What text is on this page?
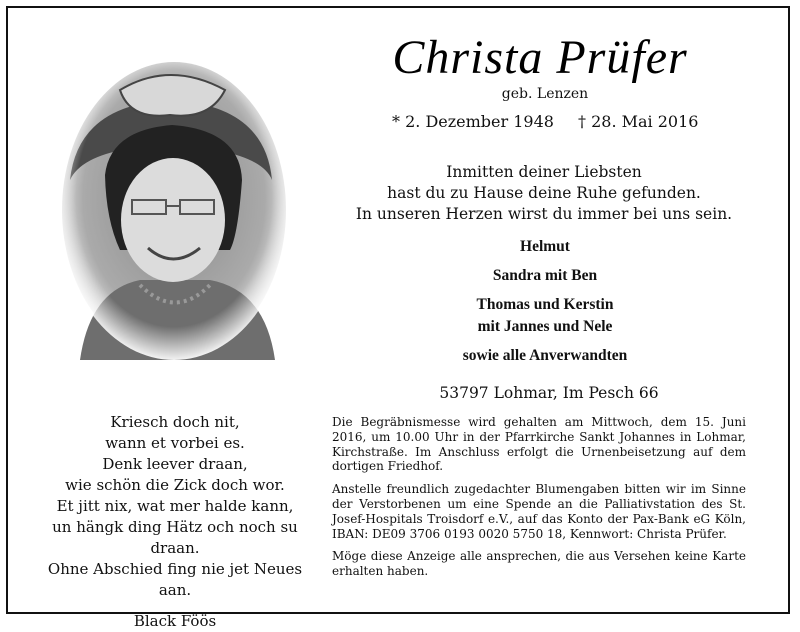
Christa Prüfer
geb. Lenzen
* 2. Dezember 1948 † 28. Mai 2016
Inmitten deiner Liebsten
hast du zu Hause deine Ruhe gefunden.
In unseren Herzen wirst du immer bei uns sein.
Helmut
Sandra mit Ben
Thomas und Kerstin
mit Jannes und Nele
sowie alle Anverwandten
53797 Lohmar, Im Pesch 66
Kriesch doch nit,
wann et vorbei es.
Denk leever draan,
wie schön die Zick doch wor.
Et jitt nix, wat mer halde kann,
un hängk ding Hätz och noch su draan.
Ohne Abschied fing nie jet Neues aan.
Black Föös

Die Begräbnismesse wird gehalten am Mittwoch, dem 15. Juni 2016, um 10.00 Uhr in der Pfarrkirche Sankt Johannes in Lohmar, Kirchstraße. Im Anschluss erfolgt die Urnenbeisetzung auf dem dortigen Friedhof.

Anstelle freundlich zugedachter Blumengaben bitten wir im Sinne der Verstorbenen um eine Spende an die Palliativstation des St. Josef-Hospitals Troisdorf e.V., auf das Konto der Pax-Bank eG Köln, IBAN: DE09 3706 0193 0020 5750 18, Kennwort: Christa Prüfer.

Möge diese Anzeige alle ansprechen, die aus Versehen keine Karte erhalten haben.
